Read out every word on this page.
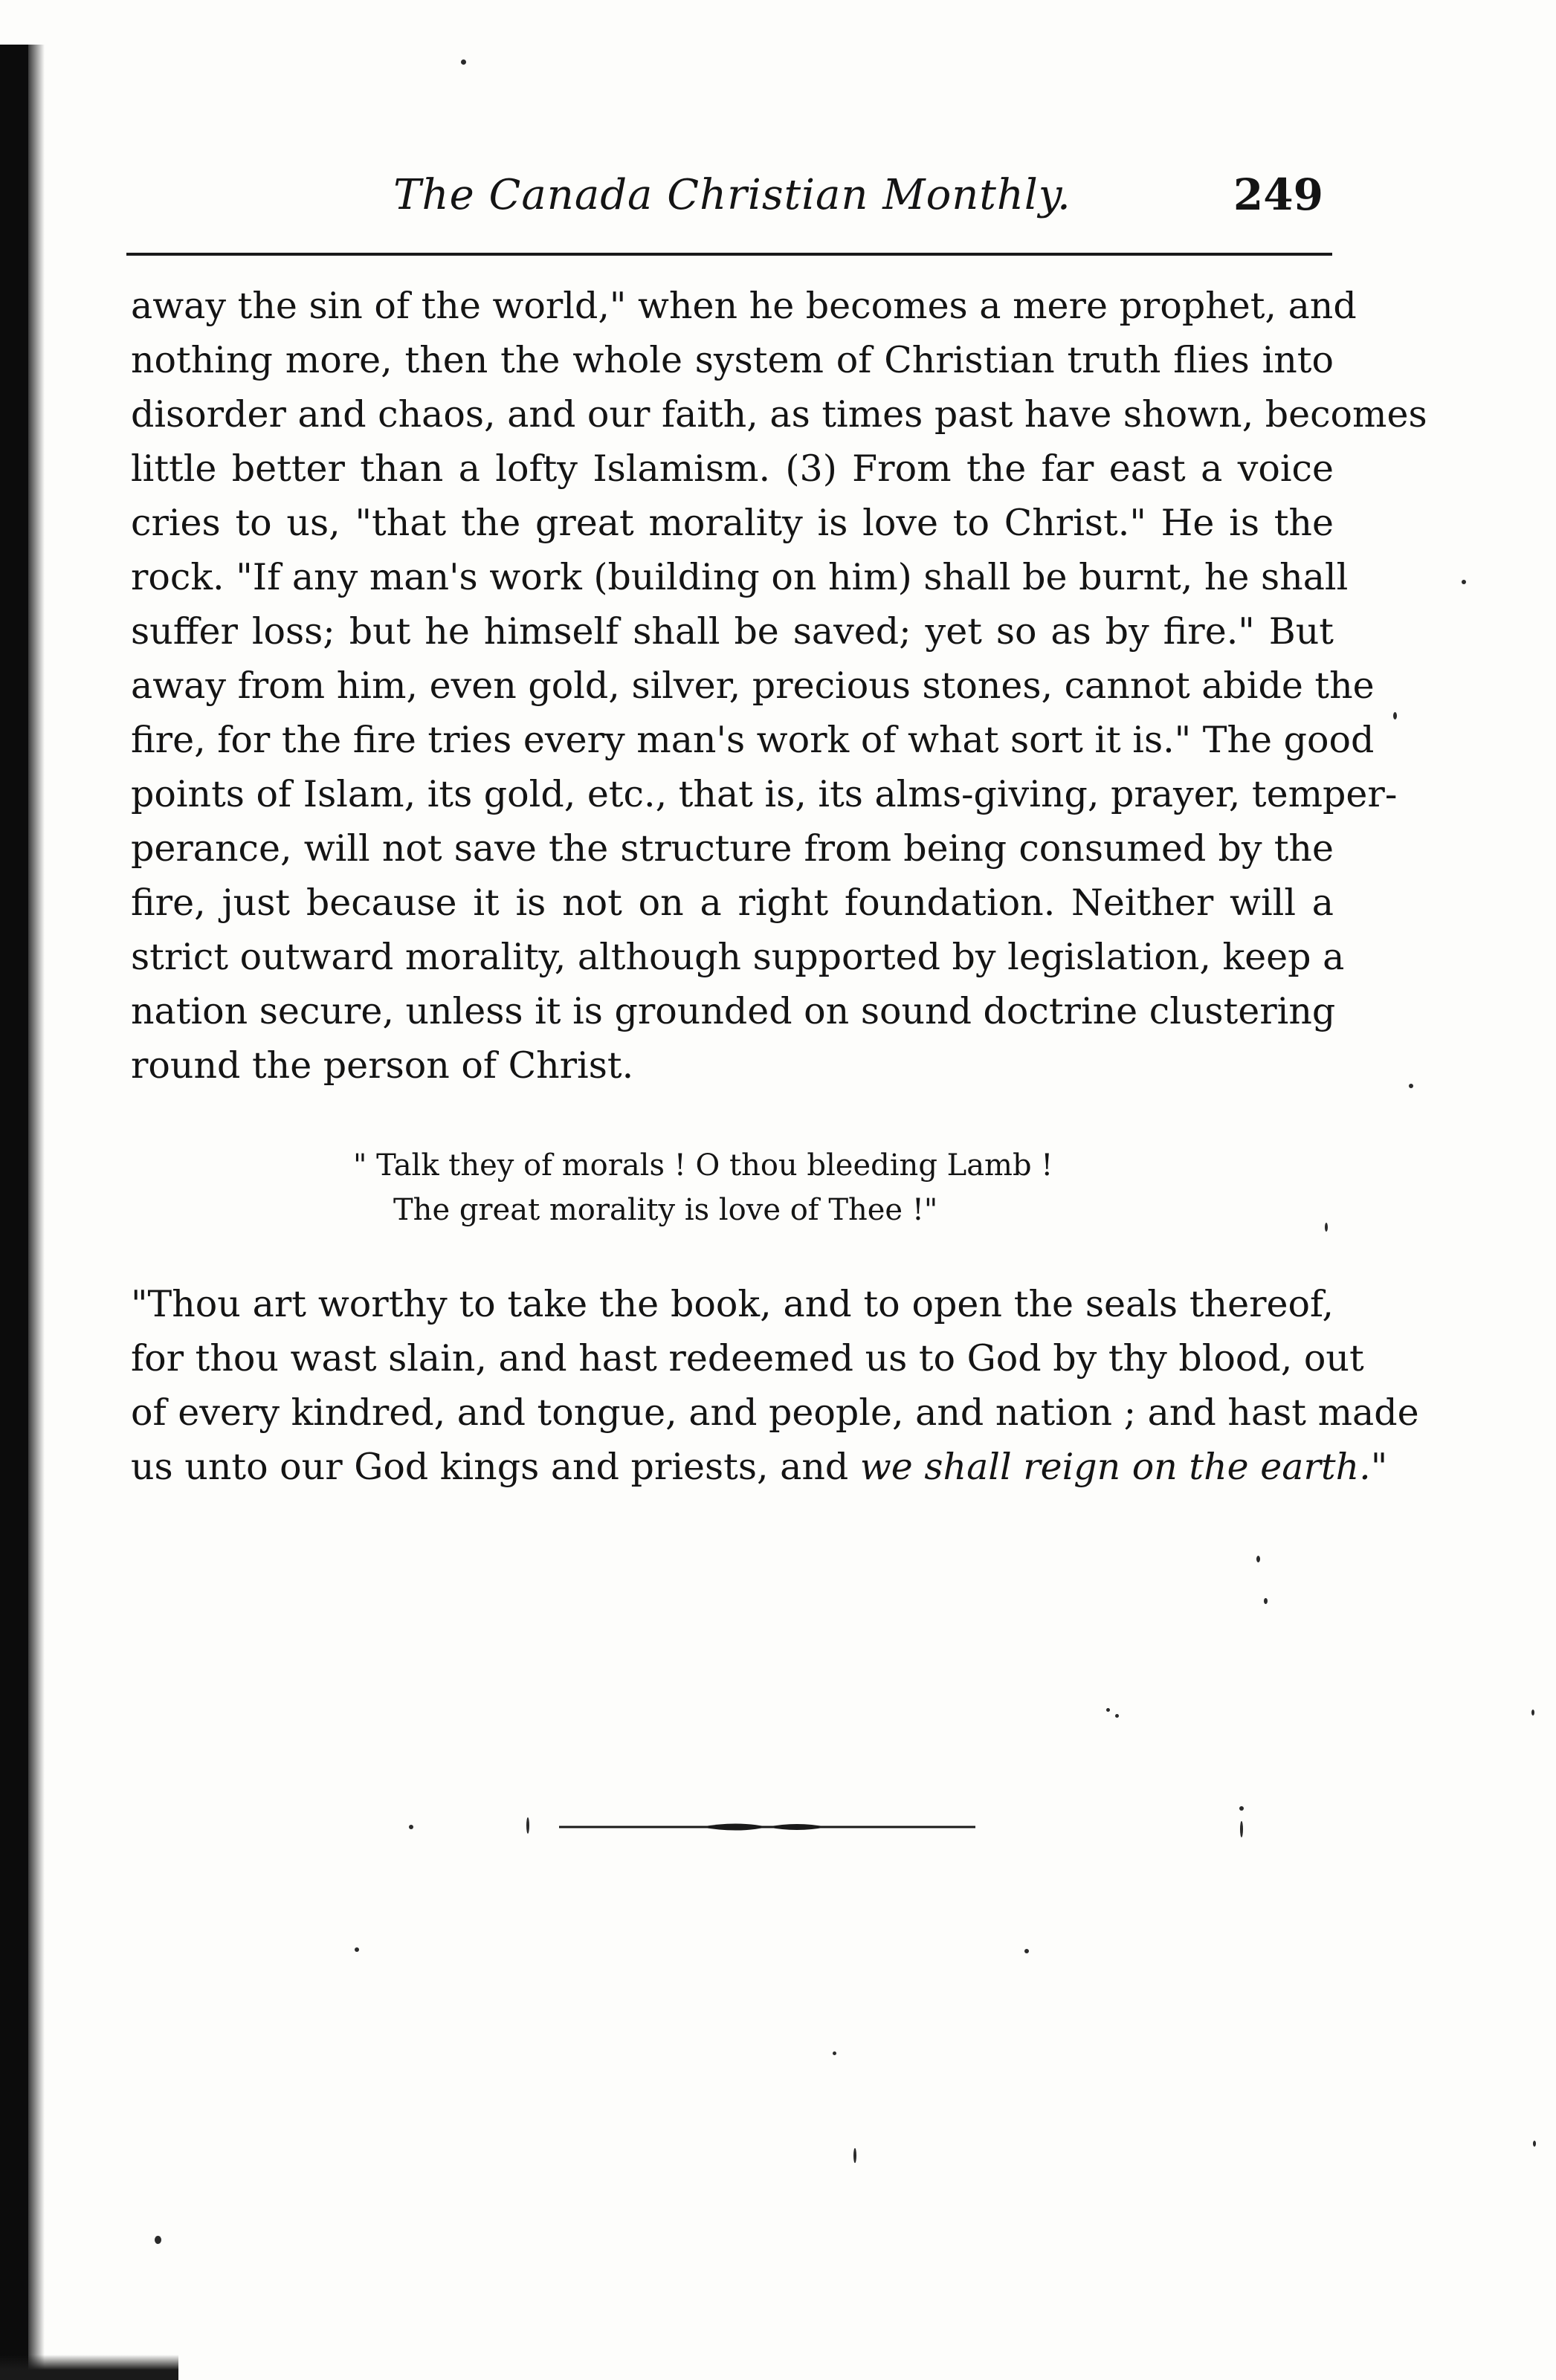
The Canada Christian Monthly.	249
away the sin of the world," when he becomes a mere prophet, and
nothing more, then the whole system of Christian truth flies into
disorder and chaos, and our faith, as times past have shown, becomes
little better than a lofty Islamism. (3) From the far east a voice
cries to us, "that the great morality is love to Christ." He is the
rock. "If any man's work (building on him) shall be burnt, he shall
suffer loss; but he himself shall be saved; yet so as by fire." But
away from him, even gold, silver, precious stones, cannot abide the
fire, for the fire tries every man's work of what sort it is." The good
points of Islam, its gold, etc., that is, its alms-giving, prayer, temper-
perance, will not save the structure from being consumed by the
fire, just because it is not on a right foundation. Neither will a
strict outward morality, although supported by legislation, keep a
nation secure, unless it is grounded on sound doctrine clustering
round the person of Christ.
" Talk they of morals ! O thou bleeding Lamb !
The great morality is love of Thee !"
"Thou art worthy to take the book, and to open the seals thereof,
for thou wast slain, and hast redeemed us to God by thy blood, out
of every kindred, and tongue, and people, and nation ; and hast made
us unto our God kings and priests, and we shall reign on the earth."
